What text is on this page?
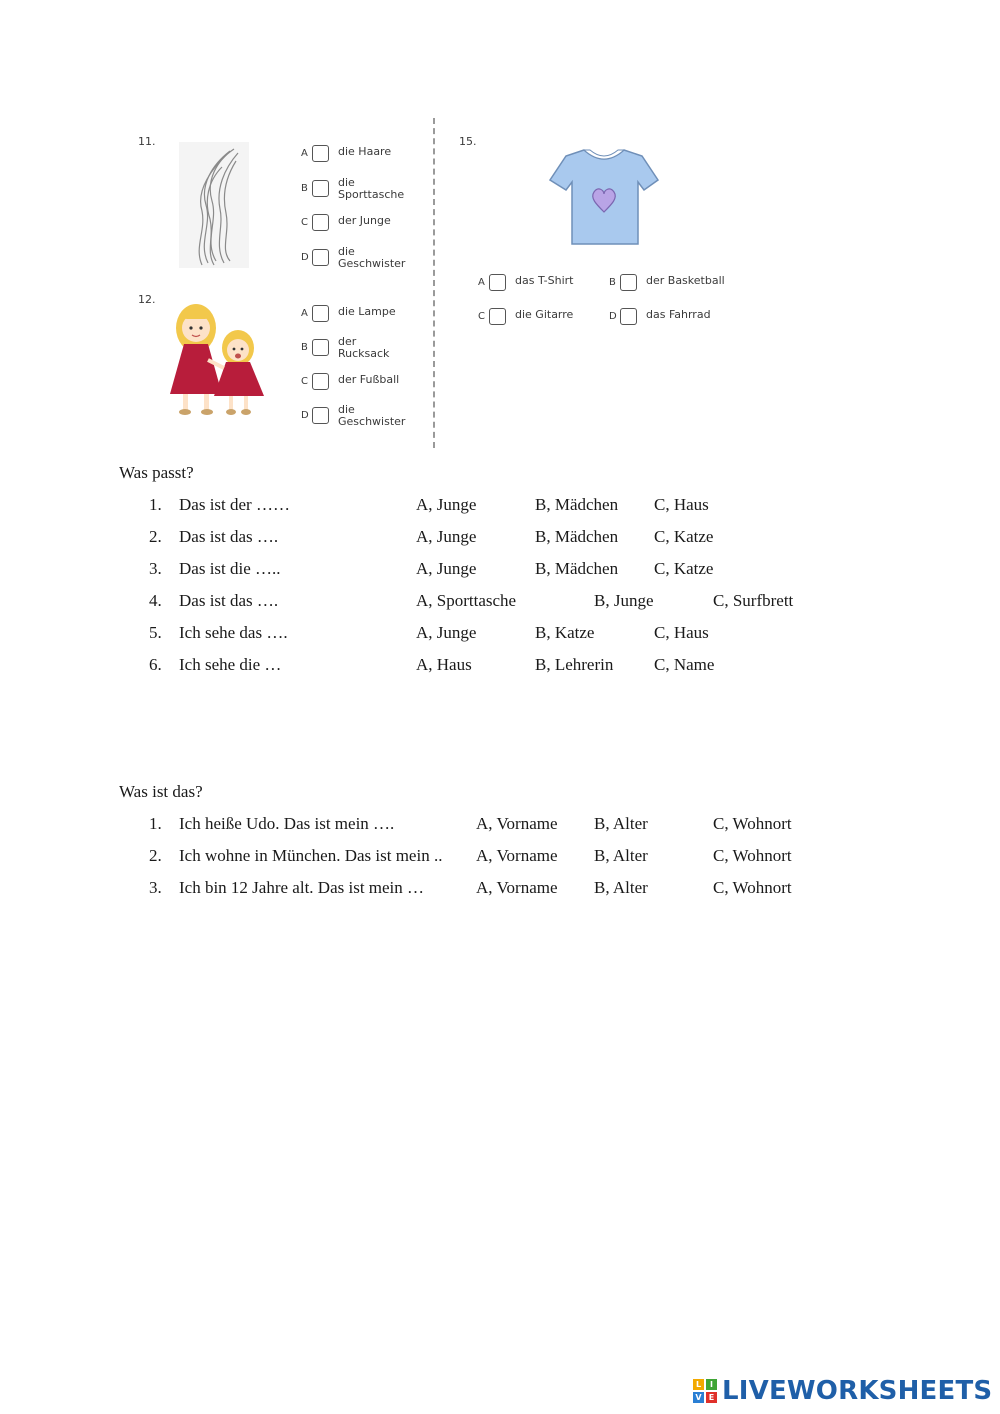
11.
A	die Haare
B	die Sporttasche
C	der Junge
D	die Geschwister
12.
A	die Lampe
B	der Rucksack
C	der Fußball
D	die Geschwister
15.
A	das T-Shirt	B	der Basketball
C	die Gitarre	D	das Fahrrad
Was passt?
1. Das ist der ……	A, Junge	B, Mädchen C, Haus
2. Das ist das ….	A, Junge	B, Mädchen C, Katze
3. Das ist die …..	A, Junge	B, Mädchen C, Katze
4. Das ist das ….	A, Sporttasche	B, Junge	C, Surfbrett
5. Ich sehe das ….	A, Junge	B, Katze	C, Haus
6. Ich sehe die …	A, Haus	B, Lehrerin C, Name
Was ist das?
1. Ich heiße Udo. Das ist mein ….	A, Vorname B, Alter	C, Wohnort
2. Ich wohne in München. Das ist mein .. A, Vorname B, Alter	C, Wohnort
3. Ich bin 12 Jahre alt. Das ist mein …	A, Vorname B, Alter	C, Wohnort
L	I
V E LIVEWORKSHEETS
